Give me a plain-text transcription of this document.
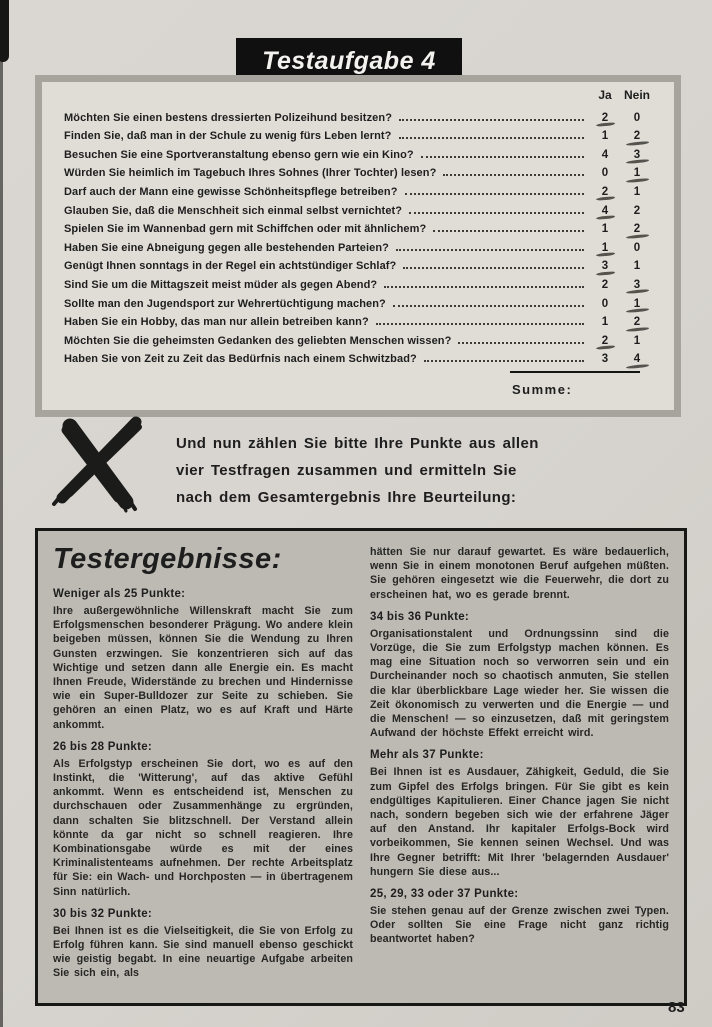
Testaufgabe 4
Ja	Nein
Möchten Sie einen bestens dressierten Polizeihund besitzen?	2	0
Finden Sie, daß man in der Schule zu wenig fürs Leben lernt?	1	2
Besuchen Sie eine Sportveranstaltung ebenso gern wie ein Kino?	4	3
Würden Sie heimlich im Tagebuch Ihres Sohnes (Ihrer Tochter) lesen?	0	1
Darf auch der Mann eine gewisse Schönheitspflege betreiben?	2	1
Glauben Sie, daß die Menschheit sich einmal selbst vernichtet?	4	2
Spielen Sie im Wannenbad gern mit Schiffchen oder mit ähnlichem?	1	2
Haben Sie eine Abneigung gegen alle bestehenden Parteien?	1	0
Genügt Ihnen sonntags in der Regel ein achtstündiger Schlaf?	3	1
Sind Sie um die Mittagszeit meist müder als gegen Abend?	2	3
Sollte man den Jugendsport zur Wehrertüchtigung machen?	0	1
Haben Sie ein Hobby, das man nur allein betreiben kann?	1	2
Möchten Sie die geheimsten Gedanken des geliebten Menschen wissen?	2	1
Haben Sie von Zeit zu Zeit das Bedürfnis nach einem Schwitzbad?	3	4
Summe:
Und nun zählen Sie bitte Ihre Punkte aus allen
vier Testfragen zusammen und ermitteln Sie
nach dem Gesamtergebnis Ihre Beurteilung:
Testergebnisse:
Weniger als 25 Punkte:
Ihre außergewöhnliche Willenskraft macht Sie zum Erfolgsmenschen besonderer Prägung. Wo andere klein beigeben müssen, können Sie die Wendung zu Ihren Gunsten erzwingen. Sie konzentrieren sich auf das Wichtige und setzen dann alle Energie ein. Es macht Ihnen Freude, Widerstände zu brechen und Hindernisse wie ein Super-Bulldozer zur Seite zu schieben. Sie gehören an einen Platz, wo es auf Kraft und Härte ankommt.
26 bis 28 Punkte:
Als Erfolgstyp erscheinen Sie dort, wo es auf den Instinkt, die 'Witterung', auf das aktive Gefühl ankommt. Wenn es entscheidend ist, Menschen zu durchschauen oder Zusammenhänge zu ergründen, dann schalten Sie blitzschnell. Der Verstand allein könnte da gar nicht so schnell reagieren. Ihre Kombinationsgabe würde es mit der eines Kriminalistenteams aufnehmen. Der rechte Arbeitsplatz für Sie: ein Wach- und Horchposten — in übertragenem Sinn natürlich.
30 bis 32 Punkte:
Bei Ihnen ist es die Vielseitigkeit, die Sie von Erfolg zu Erfolg führen kann. Sie sind manuell ebenso geschickt wie geistig begabt. In eine neuartige Aufgabe arbeiten Sie sich ein, als
hätten Sie nur darauf gewartet. Es wäre bedauerlich, wenn Sie in einem monotonen Beruf aufgehen müßten. Sie gehören eingesetzt wie die Feuerwehr, die dort zu erscheinen hat, wo es gerade brennt.
34 bis 36 Punkte:
Organisationstalent und Ordnungssinn sind die Vorzüge, die Sie zum Erfolgstyp machen können. Es mag eine Situation noch so verworren sein und ein Durcheinander noch so chaotisch anmuten, Sie stellen die klar überblickbare Lage wieder her. Sie wissen die Zeit ökonomisch zu verwerten und die Energie — und die Menschen! — so einzusetzen, daß mit geringstem Aufwand der höchste Effekt erreicht wird.
Mehr als 37 Punkte:
Bei Ihnen ist es Ausdauer, Zähigkeit, Geduld, die Sie zum Gipfel des Erfolgs bringen. Für Sie gibt es kein endgültiges Kapitulieren. Einer Chance jagen Sie nicht nach, sondern begeben sich wie der erfahrene Jäger auf den Anstand. Ihr kapitaler Erfolgs-Bock wird vorbeikommen, Sie kennen seinen Wechsel. Und was Ihre Gegner betrifft: Mit Ihrer 'belagernden Ausdauer' hungern Sie diese aus...
25, 29, 33 oder 37 Punkte:
Sie stehen genau auf der Grenze zwischen zwei Typen. Oder sollten Sie eine Frage nicht ganz richtig beantwortet haben?
83
